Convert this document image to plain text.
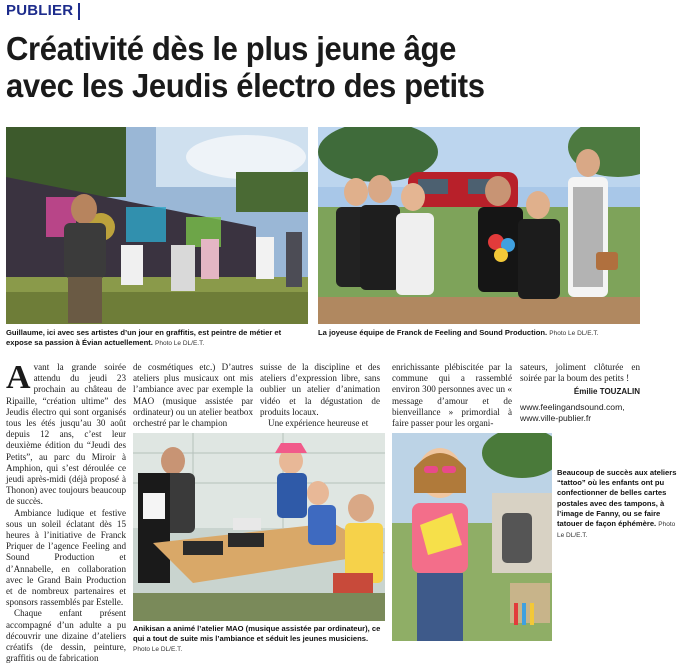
PUBLIER
Créativité dès le plus jeune âge
avec les Jeudis électro des petits
Guillaume, ici avec ses artistes d’un jour en graffitis, est peintre de métier et expose sa passion à Évian actuellement. Photo Le DL/E.T.
La joyeuse équipe de Franck de Feeling and Sound Production. Photo Le DL/E.T.

Avant la grande soirée attendu du jeudi 23 prochain au château de Ripaille, “création ultime” des Jeudis électro qui sont organisés tous les étés jusqu’au 30 août depuis 12 ans, c’est leur deuxième édition du “Jeudi des Petits”, au parc du Miroir à Amphion, qui s’est déroulée ce jeudi après-midi (déjà proposé à Thonon) avec toujours beaucoup de succès.

Ambiance ludique et festive sous un soleil éclatant dès 15 heures à l’initiative de Franck Priquer de l’agence Feeling and Sound Production et d’Annabelle, en collaboration avec le Grand Bain Production et de nombreux partenaires et sponsors rassemblés par Estelle.

Chaque enfant présent accompagné d’un adulte a pu découvrir une dizaine d’ateliers créatifs (de dessin, peinture, graffitis ou de fabrication

de cosmétiques etc.) D’autres ateliers plus musicaux ont mis l’ambiance avec par exemple la MAO (musique assistée par ordinateur) ou un atelier beatbox orchestré par le champion

suisse de la discipline et des ateliers d’expression libre, sans oublier un atelier d’animation vidéo et la dégustation de produits locaux.

Une expérience heureuse et

enrichissante plébiscitée par la commune qui a rassemblé environ 300 personnes avec un « message d’amour et de bienveillance » primordial à faire passer pour les organi-

sateurs, joliment clôturée en soirée par la boum des petits !

Émilie TOUZALIN
www.feelingandsound.com,
www.ville-publier.fr
Anikisan a animé l’atelier MAO (musique assistée par ordinateur), ce qui a tout de suite mis l’ambiance et séduit les jeunes musiciens. Photo Le DL/E.T.
Beaucoup de succès aux ateliers “tattoo” où les enfants ont pu confectionner de belles cartes postales avec des tampons, à l’image de Fanny, ou se faire tatouer de façon éphémère. Photo Le DL/E.T.
